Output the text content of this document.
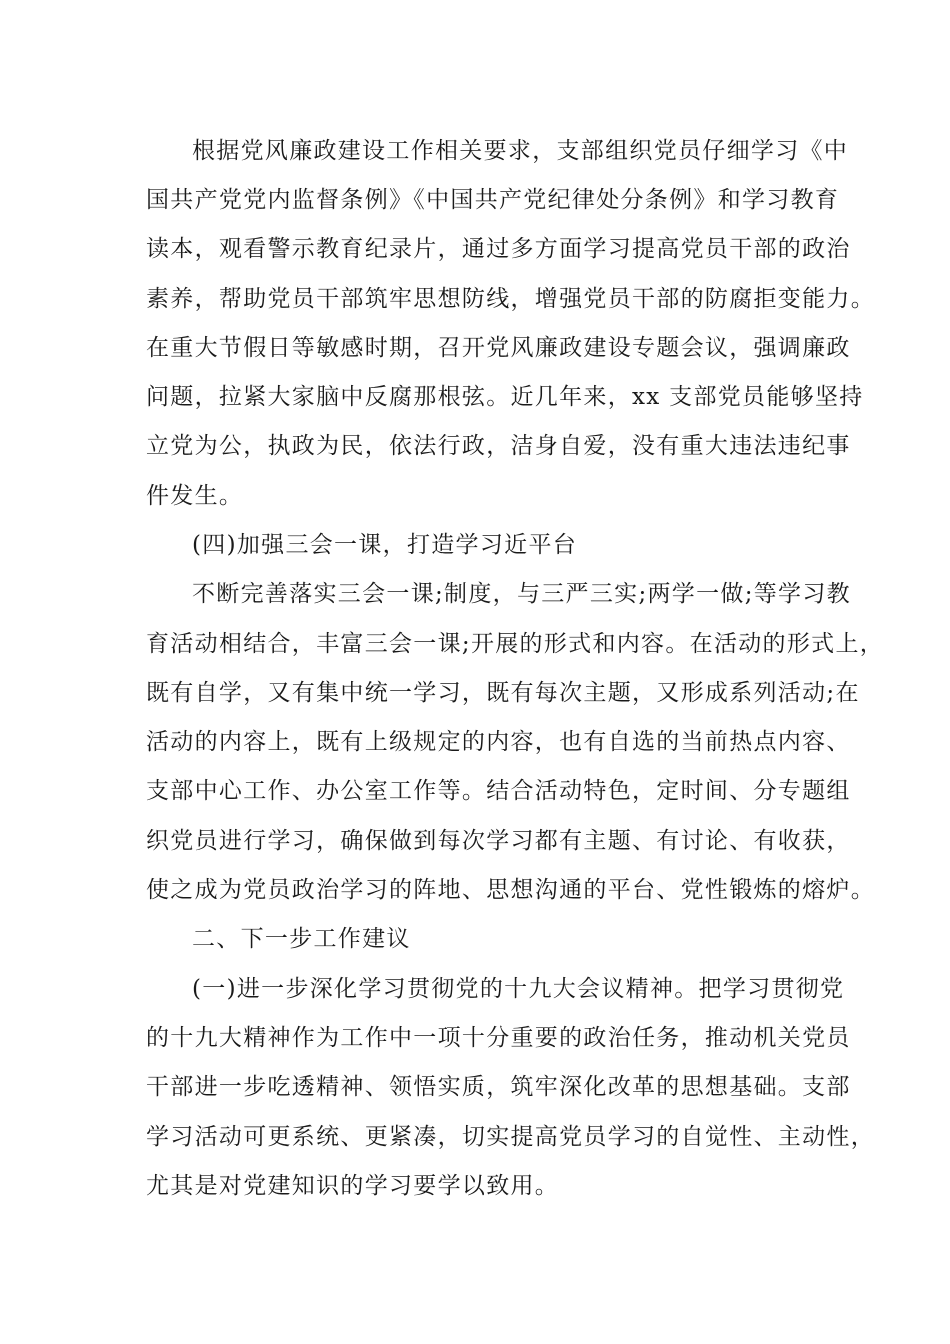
根据党风廉政建设工作相关要求，支部组织党员仔细学习《中
国共产党党内监督条例》《中国共产党纪律处分条例》和学习教育
读本，观看警示教育纪录片，通过多方面学习提高党员干部的政治
素养，帮助党员干部筑牢思想防线，增强党员干部的防腐拒变能力。
在重大节假日等敏感时期，召开党风廉政建设专题会议，强调廉政
问题，拉紧大家脑中反腐那根弦。近几年来，xx 支部党员能够坚持
立党为公，执政为民，依法行政，洁身自爱，没有重大违法违纪事
件发生。
(四)加强三会一课，打造学习近平台
不断完善落实三会一课;制度，与三严三实;两学一做;等学习教
育活动相结合，丰富三会一课;开展的形式和内容。在活动的形式上，
既有自学，又有集中统一学习，既有每次主题，又形成系列活动;在
活动的内容上，既有上级规定的内容，也有自选的当前热点内容、
支部中心工作、办公室工作等。结合活动特色，定时间、分专题组
织党员进行学习，确保做到每次学习都有主题、有讨论、有收获，
使之成为党员政治学习的阵地、思想沟通的平台、党性锻炼的熔炉。
二、下一步工作建议
(一)进一步深化学习贯彻党的十九大会议精神。把学习贯彻党
的十九大精神作为工作中一项十分重要的政治任务，推动机关党员
干部进一步吃透精神、领悟实质，筑牢深化改革的思想基础。支部
学习活动可更系统、更紧凑，切实提高党员学习的自觉性、主动性，
尤其是对党建知识的学习要学以致用。
